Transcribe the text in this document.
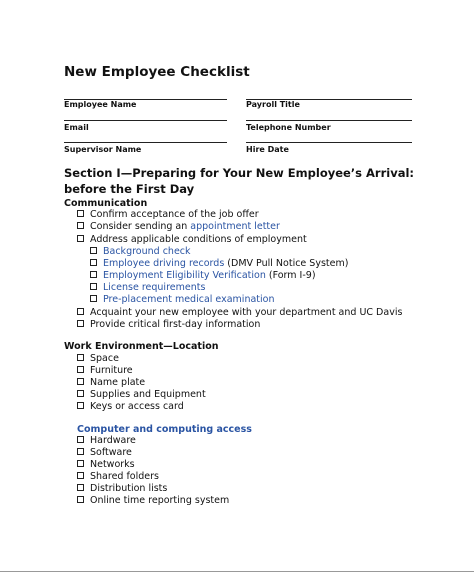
New Employee Checklist
Employee Name	Payroll Title
Email	Telephone Number
Supervisor Name	Hire Date
Section I—Preparing for Your New Employee’s Arrival:
before the First Day
Communication
Confirm acceptance of the job offer
Consider sending an appointment letter
Address applicable conditions of employment
Background check
Employee driving records (DMV Pull Notice System)
Employment Eligibility Verification (Form I-9)
License requirements
Pre-placement medical examination
Acquaint your new employee with your department and UC Davis
Provide critical first-day information
Work Environment—Location
Space
Furniture
Name plate
Supplies and Equipment
Keys or access card
Computer and computing access
Hardware
Software
Networks
Shared folders
Distribution lists
Online time reporting system
